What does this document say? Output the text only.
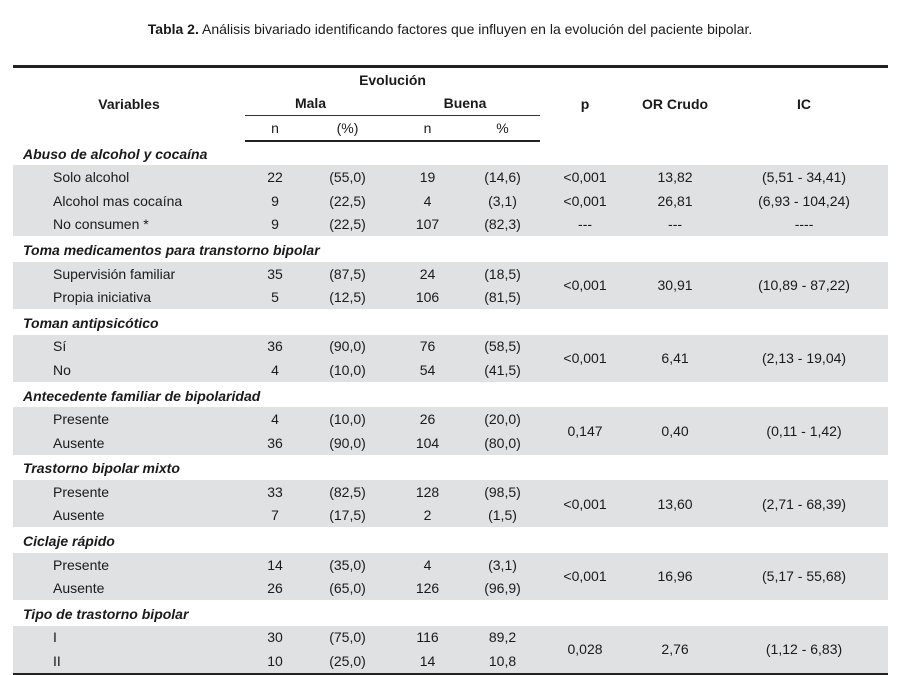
Tabla 2. Análisis bivariado identificando factores que influyen en la evolución del paciente bipolar.
Variables	Evolución				p	OR Crudo	IC
	Mala		Buena				
	n	(%)	n	%			
Abuso de alcohol y cocaína							
Solo alcohol	22	(55,0)	19	(14,6)	<0,001	13,82	(5,51 - 34,41)
Alcohol mas cocaína	9	(22,5)	4	(3,1)	<0,001	26,81	(6,93 - 104,24)
No consumen *	9	(22,5)	107	(82,3)	---	---	----
Toma medicamentos para transtorno bipolar							
Supervisión familiar	35	(87,5)	24	(18,5)	<0,001	30,91	(10,89 - 87,22)
Propia iniciativa	5	(12,5)	106	(81,5)			
Toman antipsicótico							
Sí	36	(90,0)	76	(58,5)	<0,001	6,41	(2,13 - 19,04)
No	4	(10,0)	54	(41,5)			
Antecedente familiar de bipolaridad							
Presente	4	(10,0)	26	(20,0)	0,147	0,40	(0,11 - 1,42)
Ausente	36	(90,0)	104	(80,0)			
Trastorno bipolar mixto							
Presente	33	(82,5)	128	(98,5)	<0,001	13,60	(2,71 - 68,39)
Ausente	7	(17,5)	2	(1,5)			
Ciclaje rápido							
Presente	14	(35,0)	4	(3,1)	<0,001	16,96	(5,17 - 55,68)
Ausente	26	(65,0)	126	(96,9)			
Tipo de trastorno bipolar							
I	30	(75,0)	116	89,2	0,028	2,76	(1,12 - 6,83)
II	10	(25,0)	14	10,8			
